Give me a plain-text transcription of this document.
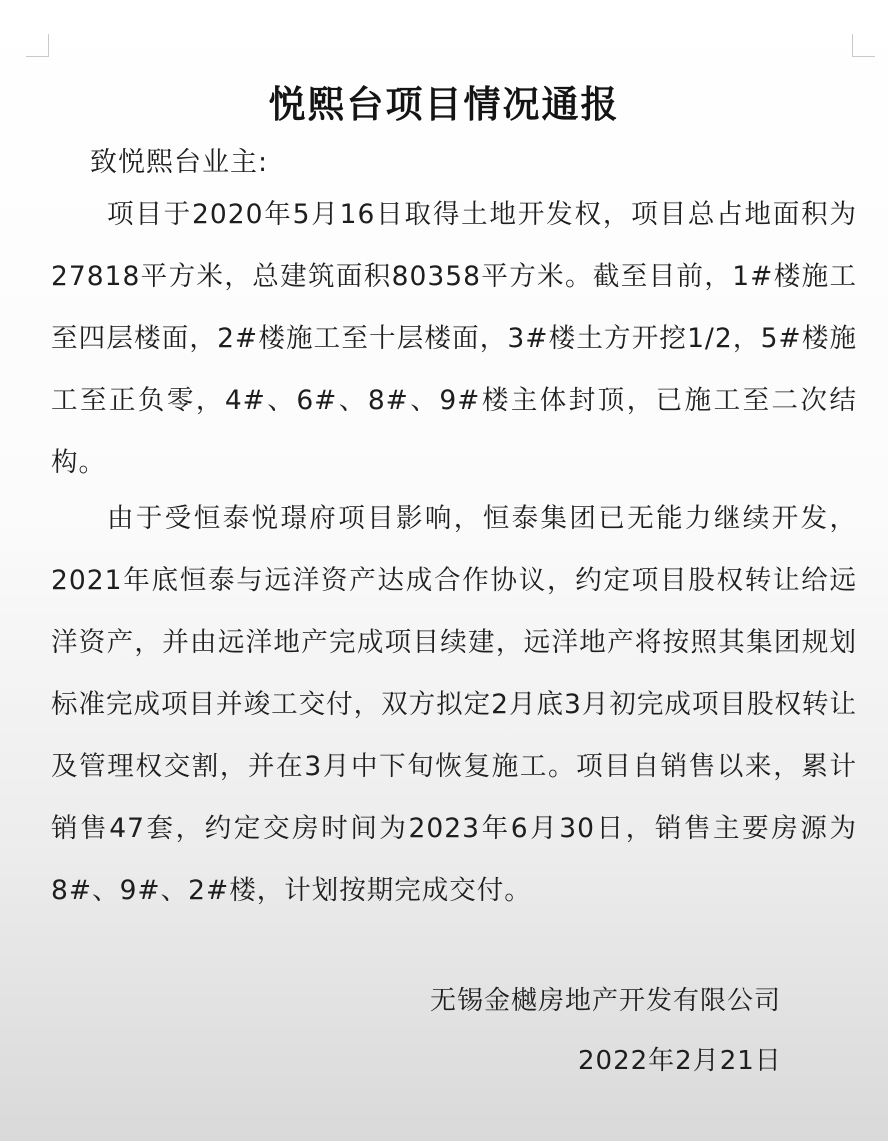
悦熙台项目情况通报
致悦熙台业主:

项目于2020年5月16日取得土地开发权，项目总占地面积为27818平方米，总建筑面积80358平方米。截至目前，1#楼施工至四层楼面，2#楼施工至十层楼面，3#楼土方开挖1/2，5#楼施工至正负零，4#、6#、8#、9#楼主体封顶，已施工至二次结构。

由于受恒泰悦璟府项目影响，恒泰集团已无能力继续开发，2021年底恒泰与远洋资产达成合作协议，约定项目股权转让给远洋资产，并由远洋地产完成项目续建，远洋地产将按照其集团规划标准完成项目并竣工交付，双方拟定2月底3月初完成项目股权转让及管理权交割，并在3月中下旬恢复施工。项目自销售以来，累计销售47套，约定交房时间为2023年6月30日，销售主要房源为8#、9#、2#楼，计划按期完成交付。

无锡金樾房地产开发有限公司
2022年2月21日
